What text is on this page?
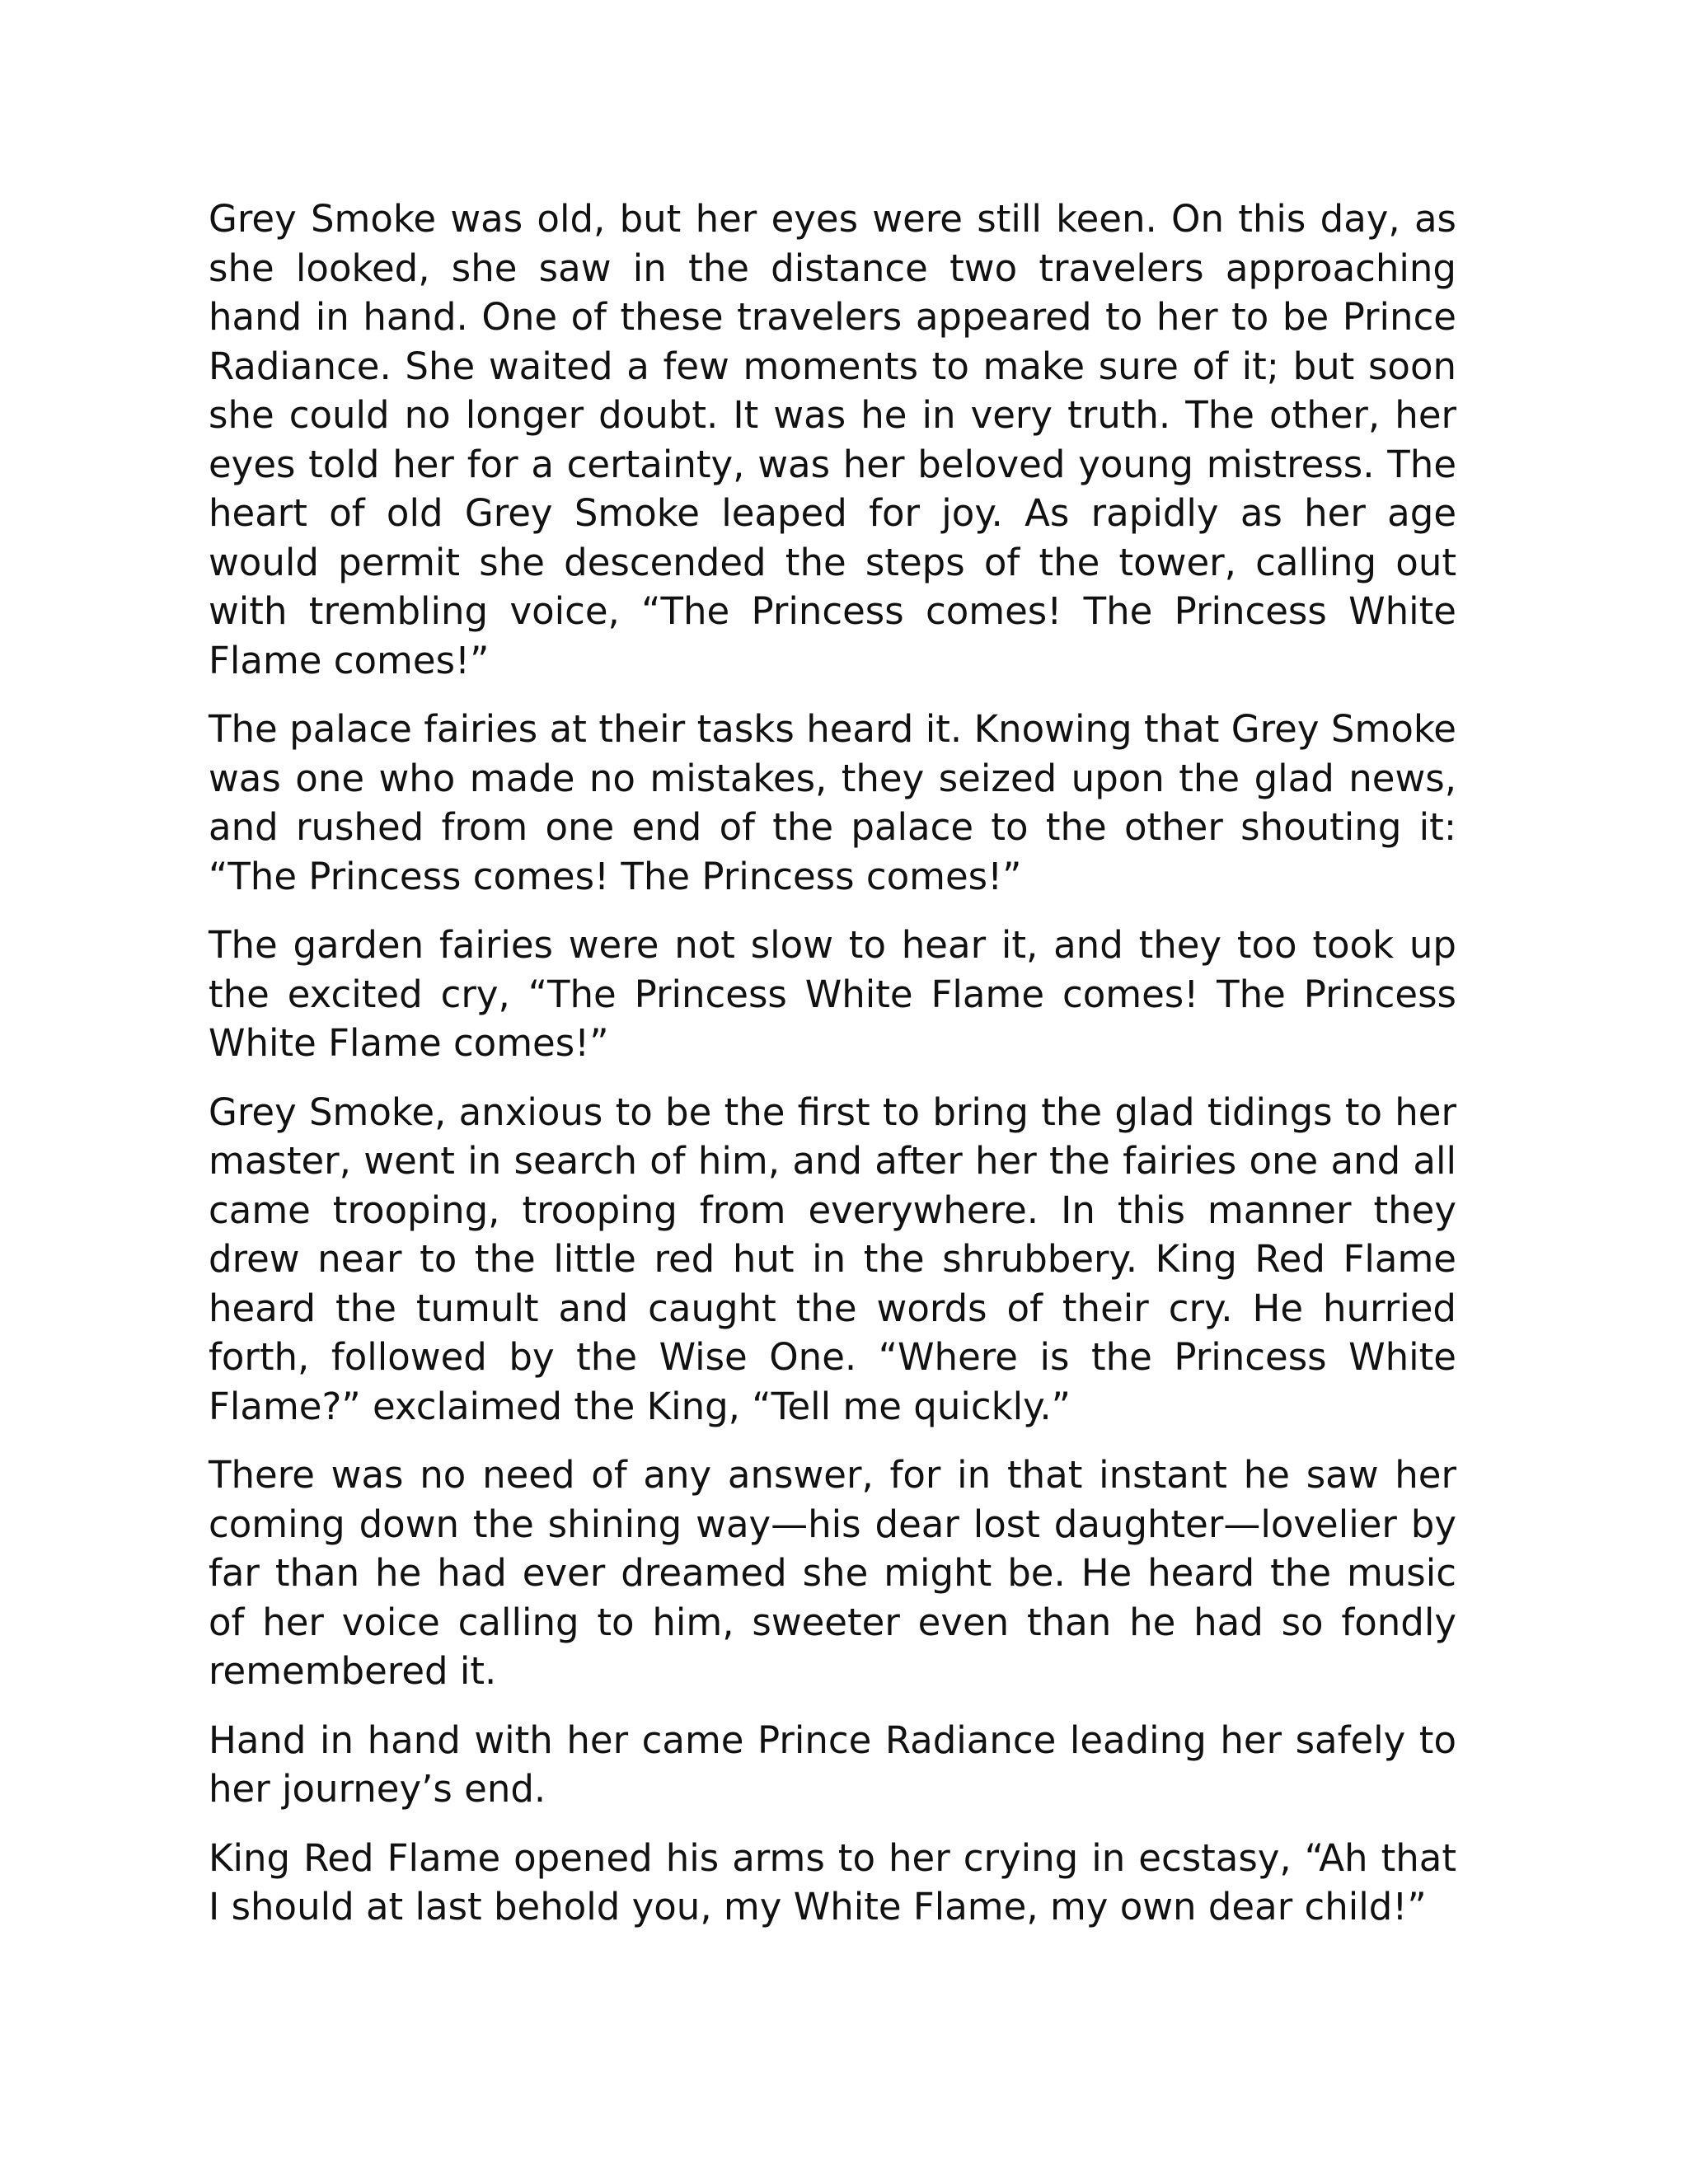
Grey Smoke was old, but her eyes were still keen. On this day, as she looked, she saw in the distance two travelers approaching hand in hand. One of these travelers appeared to her to be Prince Radiance. She waited a few moments to make sure of it; but soon she could no longer doubt. It was he in very truth. The other, her eyes told her for a certainty, was her beloved young mistress. The heart of old Grey Smoke leaped for joy. As rapidly as her age would permit she descended the steps of the tower, calling out with trembling voice, “The Princess comes! The Princess White Flame comes!”

The palace fairies at their tasks heard it. Knowing that Grey Smoke was one who made no mistakes, they seized upon the glad news, and rushed from one end of the palace to the other shouting it: “The Princess comes! The Princess comes!”

The garden fairies were not slow to hear it, and they too took up the excited cry, “The Princess White Flame comes! The Princess White Flame comes!”

Grey Smoke, anxious to be the first to bring the glad tidings to her master, went in search of him, and after her the fairies one and all came trooping, trooping from everywhere. In this manner they drew near to the little red hut in the shrubbery. King Red Flame heard the tumult and caught the words of their cry. He hurried forth, followed by the Wise One. “Where is the Princess White Flame?” exclaimed the King, “Tell me quickly.”

There was no need of any answer, for in that instant he saw her coming down the shining way—his dear lost daughter—lovelier by far than he had ever dreamed she might be. He heard the music of her voice calling to him, sweeter even than he had so fondly remembered it.

Hand in hand with her came Prince Radiance leading her safely to her journey’s end.

King Red Flame opened his arms to her crying in ecstasy, “Ah that I should at last behold you, my White Flame, my own dear child!”
